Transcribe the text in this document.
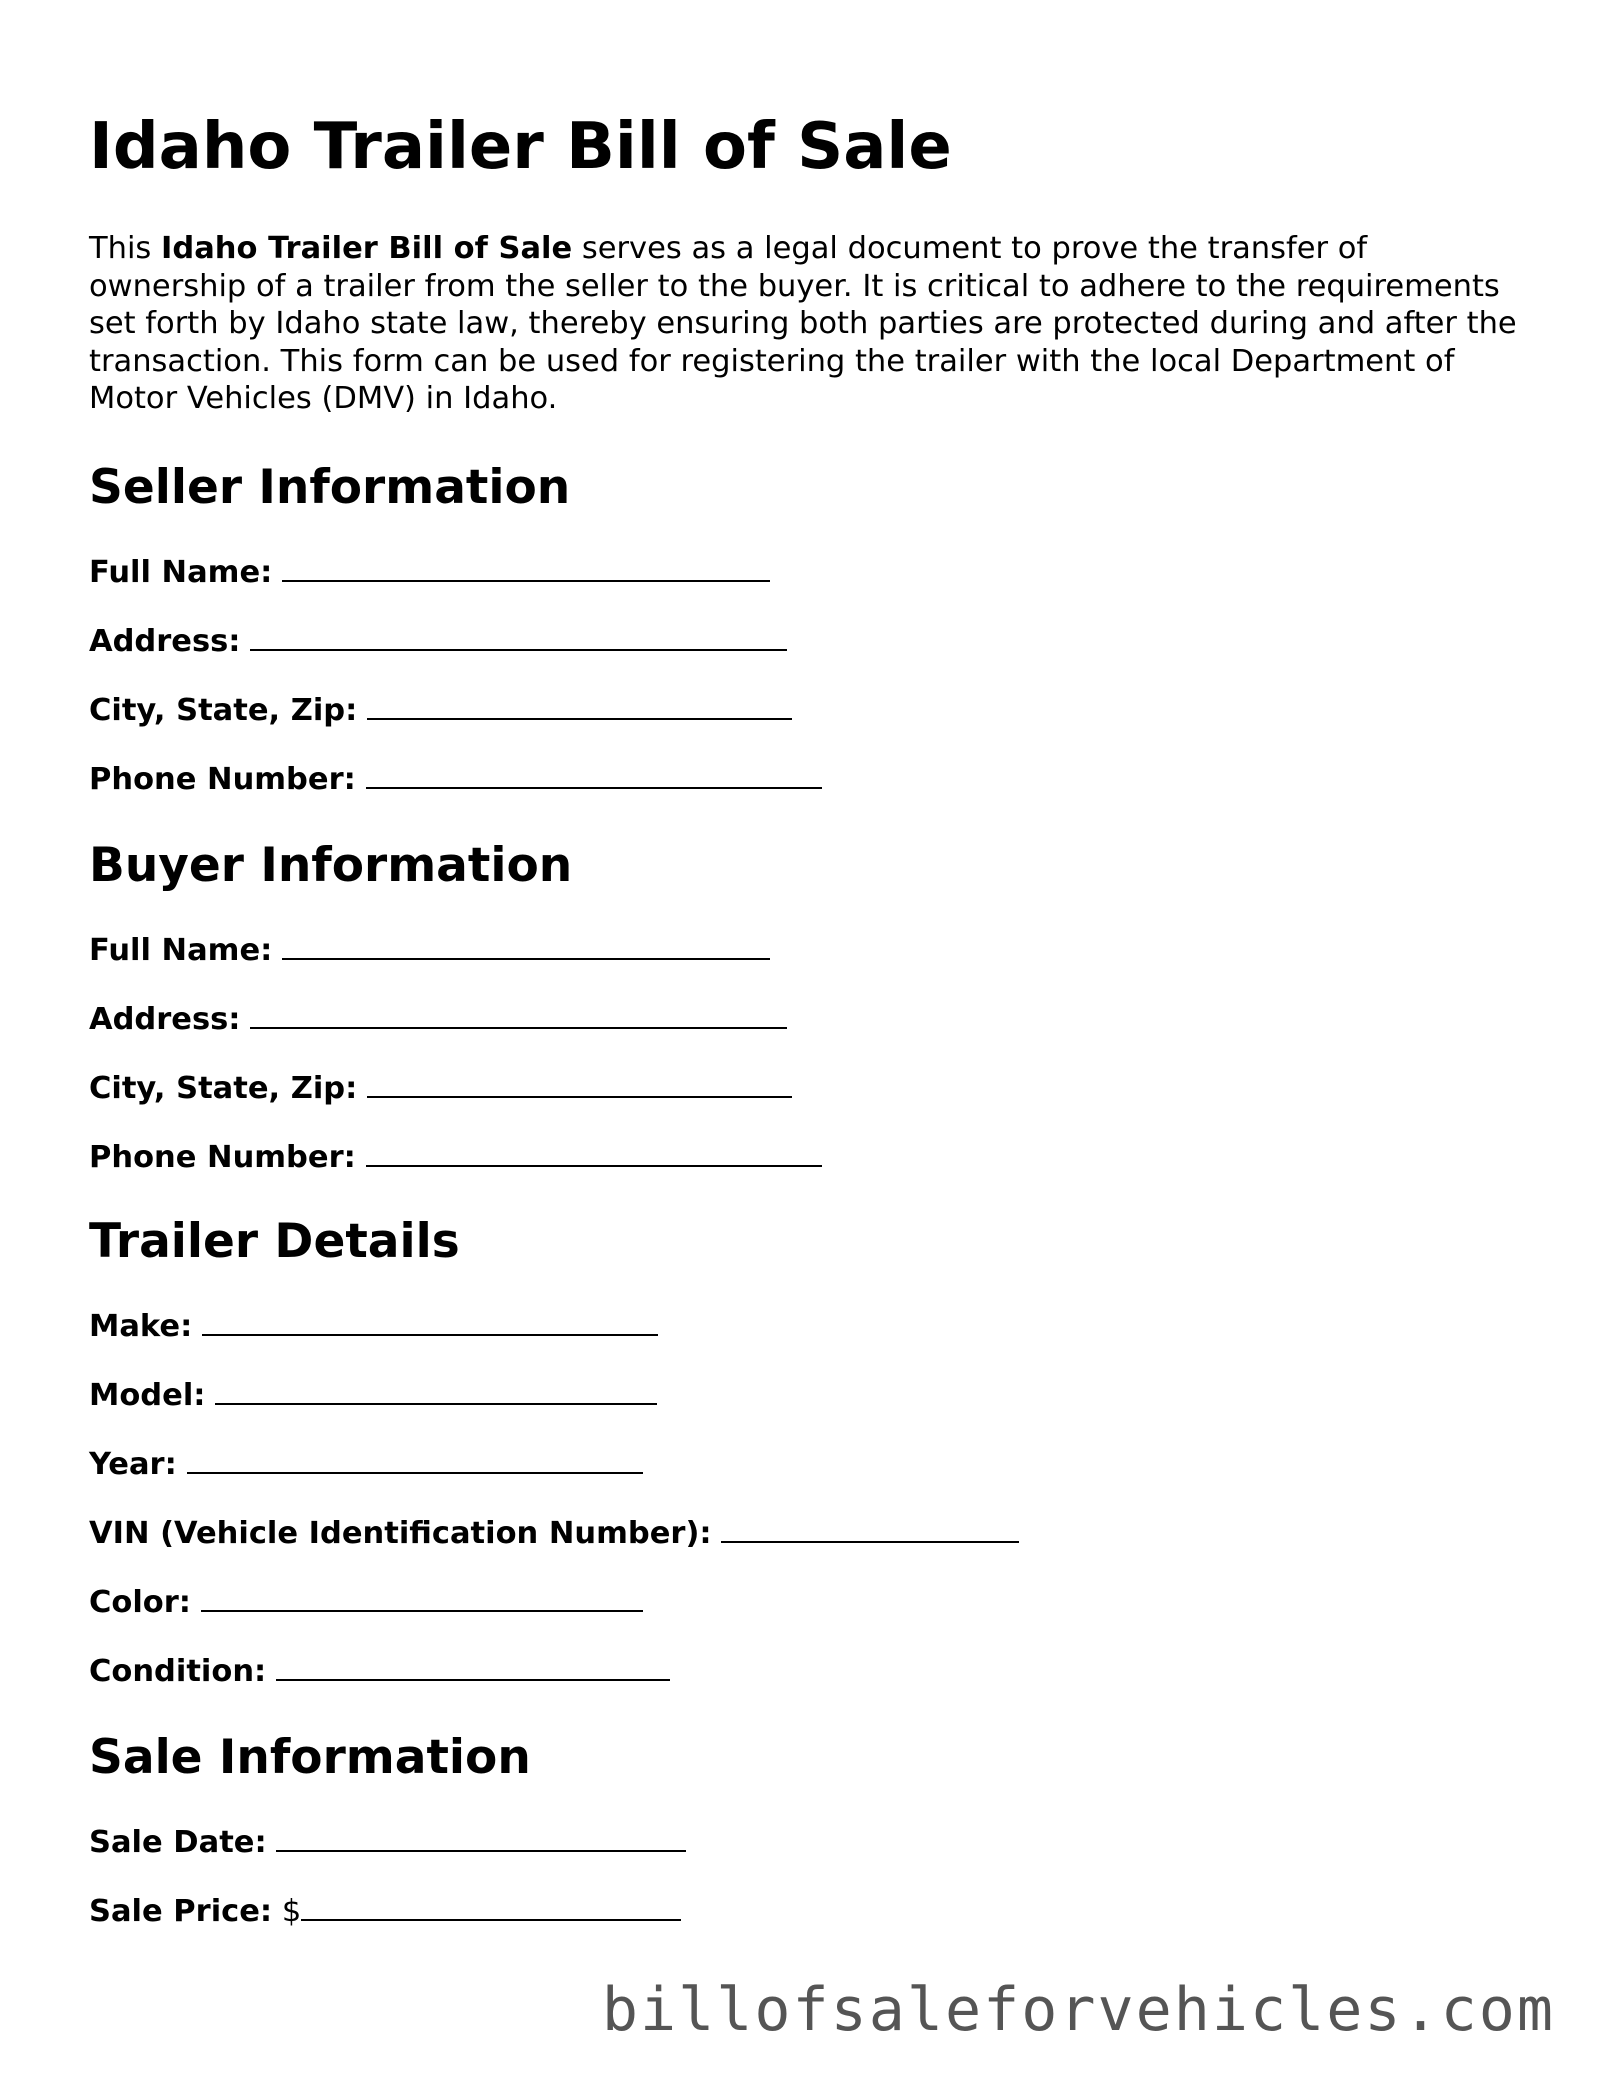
Idaho Trailer Bill of Sale

This Idaho Trailer Bill of Sale serves as a legal document to prove the transfer of ownership of a trailer from the seller to the buyer. It is critical to adhere to the requirements set forth by Idaho state law, thereby ensuring both parties are protected during and after the transaction. This form can be used for registering the trailer with the local Department of Motor Vehicles (DMV) in Idaho.

Seller Information

Full Name:

Address:

City, State, Zip:

Phone Number:

Buyer Information

Full Name:

Address:

City, State, Zip:

Phone Number:

Trailer Details

Make:

Model:

Year:

VIN (Vehicle Identification Number):

Color:

Condition:

Sale Information

Sale Date:

Sale Price: $

billofsaleforvehicles.com
